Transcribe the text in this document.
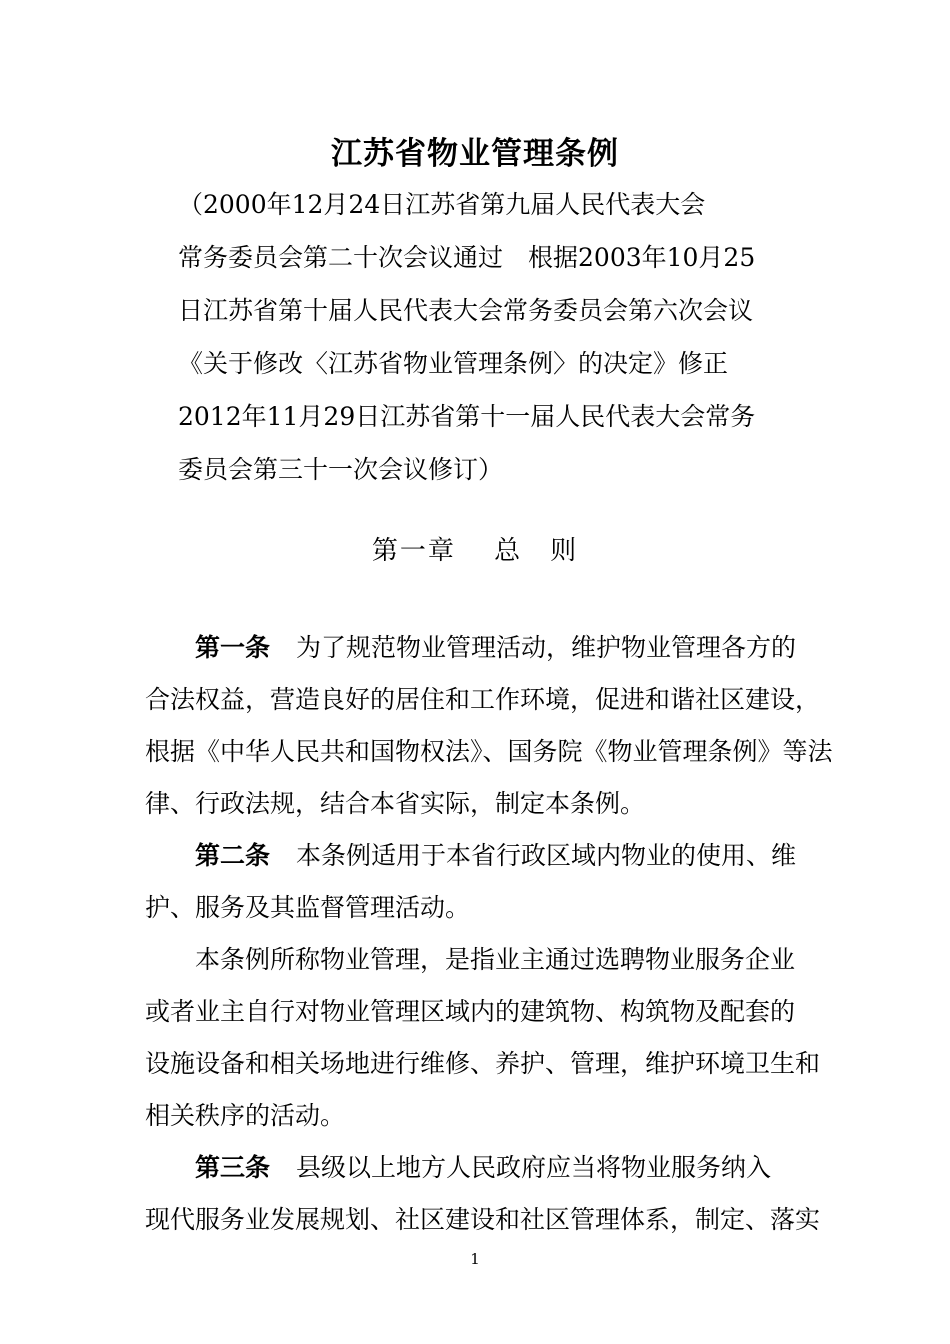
江苏省物业管理条例
（2000年12月24日江苏省第九届人民代表大会
常务委员会第二十次会议通过　根据2003年10月25
日江苏省第十届人民代表大会常务委员会第六次会议
《关于修改〈江苏省物业管理条例〉的决定》修正
2012年11月29日江苏省第十一届人民代表大会常务
委员会第三十一次会议修订）
第一章　 总　则
第一条 为了规范物业管理活动，维护物业管理各方的
合法权益，营造良好的居住和工作环境，促进和谐社区建设，
根据《中华人民共和国物权法》、国务院《物业管理条例》等法
律、行政法规，结合本省实际，制定本条例。
第二条 本条例适用于本省行政区域内物业的使用、维
护、服务及其监督管理活动。
本条例所称物业管理，是指业主通过选聘物业服务企业
或者业主自行对物业管理区域内的建筑物、构筑物及配套的
设施设备和相关场地进行维修、养护、管理，维护环境卫生和
相关秩序的活动。
第三条 县级以上地方人民政府应当将物业服务纳入
现代服务业发展规划、社区建设和社区管理体系，制定、落实
1
